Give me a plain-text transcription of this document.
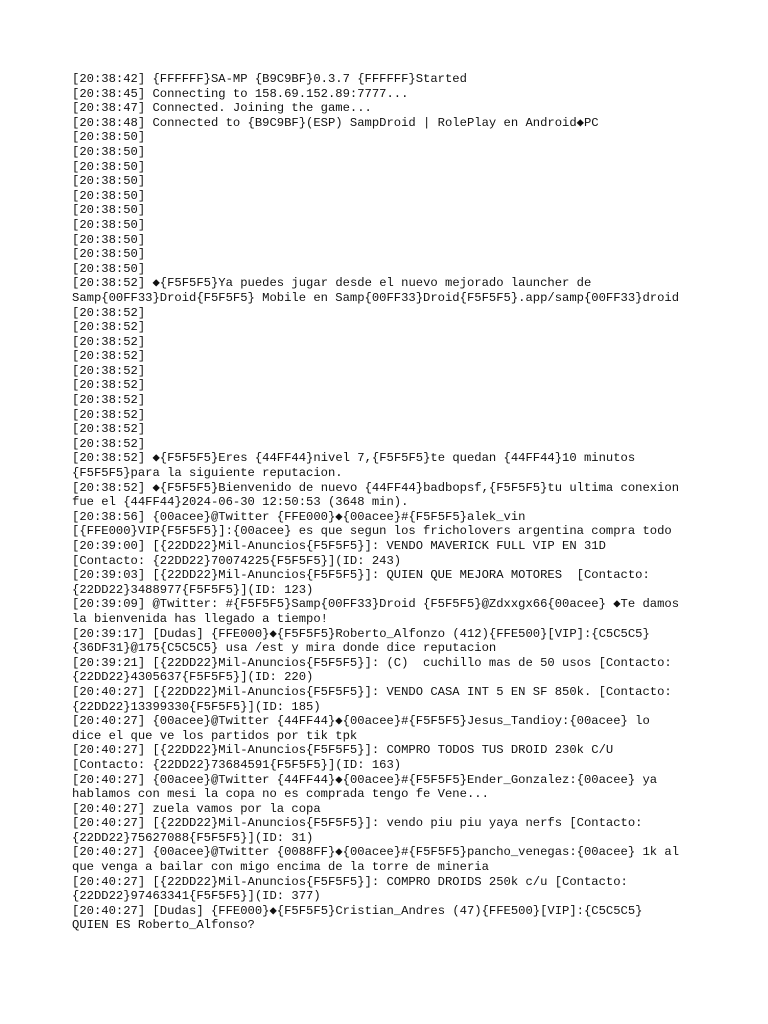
[20:38:42] {FFFFFF}SA-MP {B9C9BF}0.3.7 {FFFFFF}Started
[20:38:45] Connecting to 158.69.152.89:7777...
[20:38:47] Connected. Joining the game...
[20:38:48] Connected to {B9C9BF}(ESP) SampDroid | RolePlay en Android◆PC
[20:38:50]
[20:38:50]
[20:38:50]
[20:38:50]
[20:38:50]
[20:38:50]
[20:38:50]
[20:38:50]
[20:38:50]
[20:38:50]
[20:38:52] ◆{F5F5F5}Ya puedes jugar desde el nuevo mejorado launcher de
Samp{00FF33}Droid{F5F5F5} Mobile en Samp{00FF33}Droid{F5F5F5}.app/samp{00FF33}droid
[20:38:52]
[20:38:52]
[20:38:52]
[20:38:52]
[20:38:52]
[20:38:52]
[20:38:52]
[20:38:52]
[20:38:52]
[20:38:52]
[20:38:52] ◆{F5F5F5}Eres {44FF44}nivel 7,{F5F5F5}te quedan {44FF44}10 minutos
{F5F5F5}para la siguiente reputacion.
[20:38:52] ◆{F5F5F5}Bienvenido de nuevo {44FF44}badbopsf,{F5F5F5}tu ultima conexion
fue el {44FF44}2024-06-30 12:50:53 (3648 min).
[20:38:56] {00acee}@Twitter {FFE000}◆{00acee}#{F5F5F5}alek_vin
[{FFE000}VIP{F5F5F5}]:{00acee} es que segun los fricholovers argentina compra todo
[20:39:00] [{22DD22}Mil-Anuncios{F5F5F5}]: VENDO MAVERICK FULL VIP EN 31D
[Contacto: {22DD22}70074225{F5F5F5}](ID: 243)
[20:39:03] [{22DD22}Mil-Anuncios{F5F5F5}]: QUIEN QUE MEJORA MOTORES  [Contacto:
{22DD22}3488977{F5F5F5}](ID: 123)
[20:39:09] @Twitter: #{F5F5F5}Samp{00FF33}Droid {F5F5F5}@Zdxxgx66{00acee} ◆Te damos
la bienvenida has llegado a tiempo!
[20:39:17] [Dudas] {FFE000}◆{F5F5F5}Roberto_Alfonzo (412){FFE500}[VIP]:{C5C5C5}
{36DF31}@175{C5C5C5} usa /est y mira donde dice reputacion
[20:39:21] [{22DD22}Mil-Anuncios{F5F5F5}]: (C)  cuchillo mas de 50 usos [Contacto:
{22DD22}4305637{F5F5F5}](ID: 220)
[20:40:27] [{22DD22}Mil-Anuncios{F5F5F5}]: VENDO CASA INT 5 EN SF 850k. [Contacto:
{22DD22}13399330{F5F5F5}](ID: 185)
[20:40:27] {00acee}@Twitter {44FF44}◆{00acee}#{F5F5F5}Jesus_Tandioy:{00acee} lo
dice el que ve los partidos por tik tpk
[20:40:27] [{22DD22}Mil-Anuncios{F5F5F5}]: COMPRO TODOS TUS DROID 230k C/U
[Contacto: {22DD22}73684591{F5F5F5}](ID: 163)
[20:40:27] {00acee}@Twitter {44FF44}◆{00acee}#{F5F5F5}Ender_Gonzalez:{00acee} ya
hablamos con mesi la copa no es comprada tengo fe Vene...
[20:40:27] zuela vamos por la copa
[20:40:27] [{22DD22}Mil-Anuncios{F5F5F5}]: vendo piu piu yaya nerfs [Contacto:
{22DD22}75627088{F5F5F5}](ID: 31)
[20:40:27] {00acee}@Twitter {0088FF}◆{00acee}#{F5F5F5}pancho_venegas:{00acee} 1k al
que venga a bailar con migo encima de la torre de mineria
[20:40:27] [{22DD22}Mil-Anuncios{F5F5F5}]: COMPRO DROIDS 250k c/u [Contacto:
{22DD22}97463341{F5F5F5}](ID: 377)
[20:40:27] [Dudas] {FFE000}◆{F5F5F5}Cristian_Andres (47){FFE500}[VIP]:{C5C5C5}
QUIEN ES Roberto_Alfonso?
